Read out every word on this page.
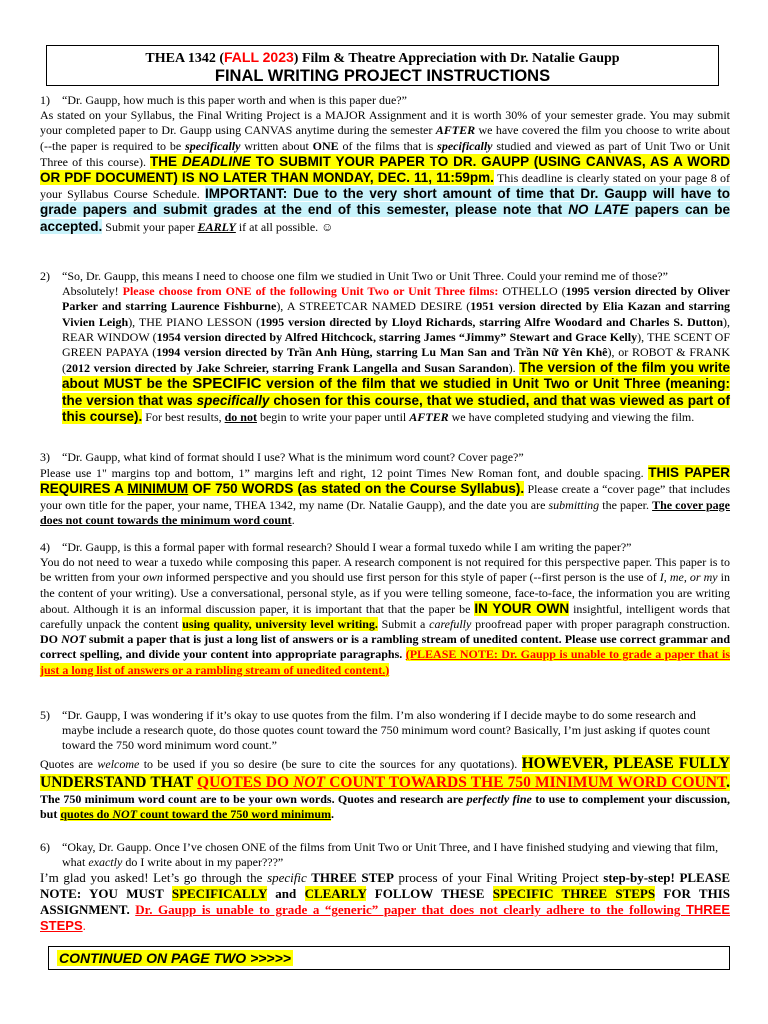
THEA 1342 (FALL 2023) Film & Theatre Appreciation with Dr. Natalie Gaupp
FINAL WRITING PROJECT INSTRUCTIONS

1) “Dr. Gaupp, how much is this paper worth and when is this paper due?”

As stated on your Syllabus, the Final Writing Project is a MAJOR Assignment and it is worth 30% of your semester grade. You may submit your completed paper to Dr. Gaupp using CANVAS anytime during the semester AFTER we have covered the film you choose to write about (--the paper is required to be specifically written about ONE of the films that is specifically studied and viewed as part of Unit Two or Unit Three of this course). THE DEADLINE TO SUBMIT YOUR PAPER TO DR. GAUPP (USING CANVAS, AS A WORD OR PDF DOCUMENT) IS NO LATER THAN MONDAY, DEC. 11, 11:59pm. This deadline is clearly stated on your page 8 of your Syllabus Course Schedule. IMPORTANT: Due to the very short amount of time that Dr. Gaupp will have to grade papers and submit grades at the end of this semester, please note that NO LATE papers can be accepted. Submit your paper EARLY if at all possible. ☺

2) “So, Dr. Gaupp, this means I need to choose one film we studied in Unit Two or Unit Three. Could your remind me of those?”

Absolutely! Please choose from ONE of the following Unit Two or Unit Three films: OTHELLO (1995 version directed by Oliver Parker and starring Laurence Fishburne), A STREETCAR NAMED DESIRE (1951 version directed by Elia Kazan and starring Vivien Leigh), THE PIANO LESSON (1995 version directed by Lloyd Richards, starring Alfre Woodard and Charles S. Dutton), REAR WINDOW (1954 version directed by Alfred Hitchcock, starring James “Jimmy” Stewart and Grace Kelly), THE SCENT OF GREEN PAPAYA (1994 version directed by Trần Anh Hùng, starring Lu Man San and Trần Nữ Yên Khê), or ROBOT & FRANK (2012 version directed by Jake Schreier, starring Frank Langella and Susan Sarandon). The version of the film you write about MUST be the SPECIFIC version of the film that we studied in Unit Two or Unit Three (meaning: the version that was specifically chosen for this course, that we studied, and that was viewed as part of this course). For best results, do not begin to write your paper until AFTER we have completed studying and viewing the film.

3) “Dr. Gaupp, what kind of format should I use? What is the minimum word count? Cover page?”

Please use 1" margins top and bottom, 1” margins left and right, 12 point Times New Roman font, and double spacing. THIS PAPER REQUIRES A MINIMUM OF 750 WORDS (as stated on the Course Syllabus). Please create a “cover page” that includes your own title for the paper, your name, THEA 1342, my name (Dr. Natalie Gaupp), and the date you are submitting the paper. The cover page does not count towards the minimum word count.

4) “Dr. Gaupp, is this a formal paper with formal research? Should I wear a formal tuxedo while I am writing the paper?”

You do not need to wear a tuxedo while composing this paper. A research component is not required for this perspective paper. This paper is to be written from your own informed perspective and you should use first person for this style of paper (--first person is the use of I, me, or my in the content of your writing). Use a conversational, personal style, as if you were telling someone, face-to-face, the information you are writing about. Although it is an informal discussion paper, it is important that that the paper be IN YOUR OWN insightful, intelligent words that carefully unpack the content using quality, university level writing. Submit a carefully proofread paper with proper paragraph construction. DO NOT submit a paper that is just a long list of answers or is a rambling stream of unedited content. Please use correct grammar and correct spelling, and divide your content into appropriate paragraphs. (PLEASE NOTE: Dr. Gaupp is unable to grade a paper that is just a long list of answers or a rambling stream of unedited content.)

5) “Dr. Gaupp, I was wondering if it’s okay to use quotes from the film. I’m also wondering if I decide maybe to do some research and maybe include a research quote, do those quotes count toward the 750 minimum word count? Basically, I’m just asking if quotes count toward the 750 word minimum word count.”

Quotes are welcome to be used if you so desire (be sure to cite the sources for any quotations). HOWEVER, PLEASE FULLY UNDERSTAND THAT QUOTES DO NOT COUNT TOWARDS THE 750 MINIMUM WORD COUNT. The 750 minimum word count are to be your own words. Quotes and research are perfectly fine to use to complement your discussion, but quotes do NOT count toward the 750 word minimum.

6) “Okay, Dr. Gaupp. Once I’ve chosen ONE of the films from Unit Two or Unit Three, and I have finished studying and viewing that film, what exactly do I write about in my paper???”

I’m glad you asked! Let’s go through the specific THREE STEP process of your Final Writing Project step-by-step! PLEASE NOTE: YOU MUST SPECIFICALLY and CLEARLY FOLLOW THESE SPECIFIC THREE STEPS FOR THIS ASSIGNMENT. Dr. Gaupp is unable to grade a “generic” paper that does not clearly adhere to the following THREE STEPS.

CONTINUED ON PAGE TWO >>>>>
